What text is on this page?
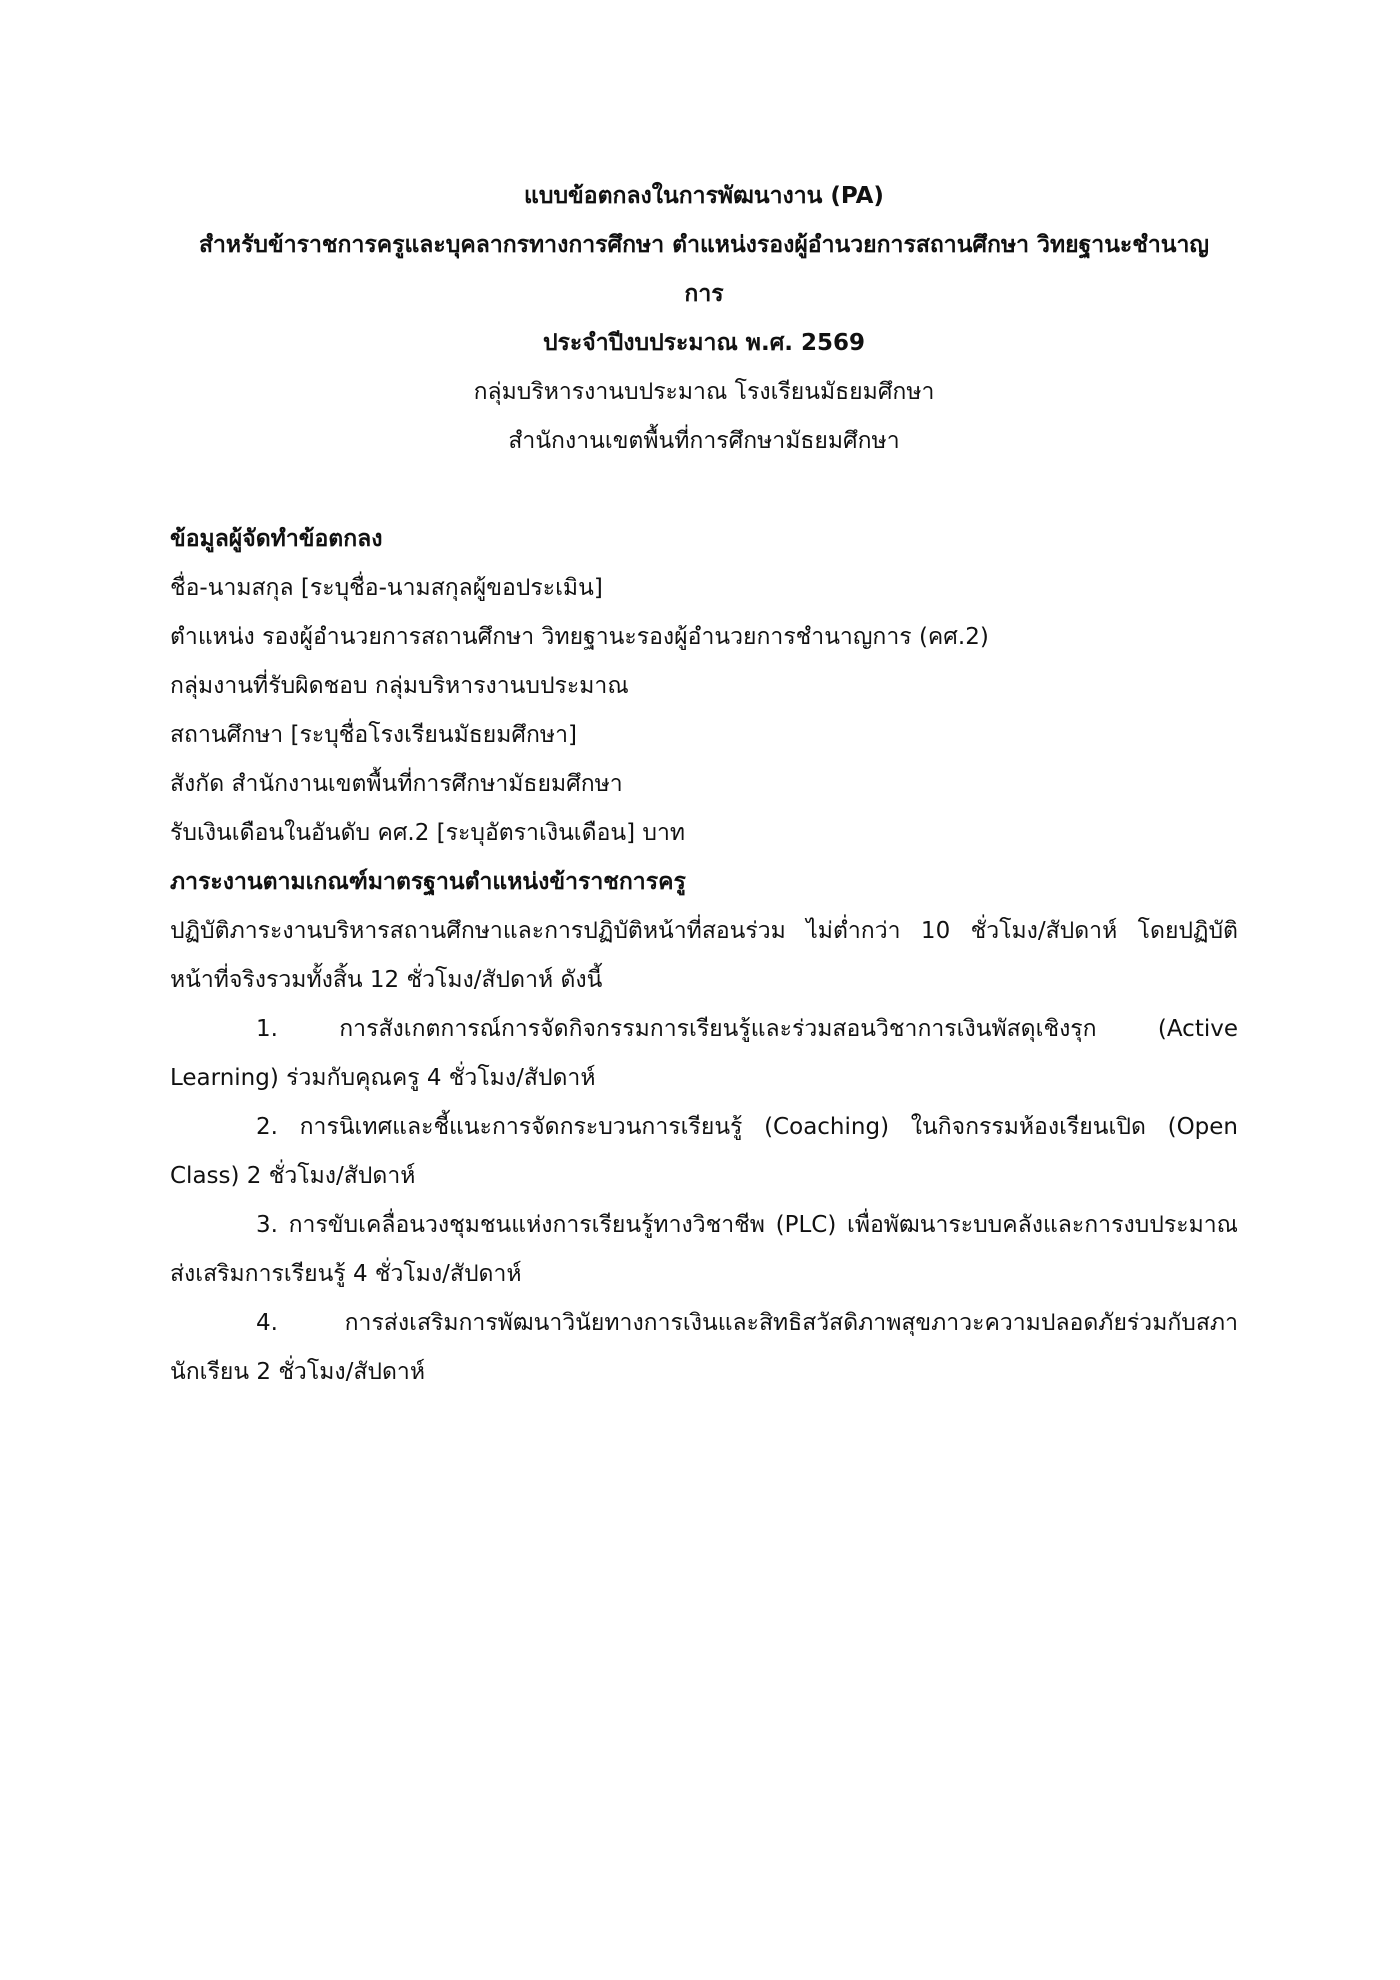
แบบข้อตกลงในการพัฒนางาน (PA)
สำหรับข้าราชการครูและบุคลากรทางการศึกษา ตำแหน่งรองผู้อำนวยการสถานศึกษา วิทยฐานะชำนาญ
การ
ประจำปีงบประมาณ พ.ศ. 2569
กลุ่มบริหารงานบประมาณ โรงเรียนมัธยมศึกษา
สำนักงานเขตพื้นที่การศึกษามัธยมศึกษา
ข้อมูลผู้จัดทำข้อตกลง
ชื่อ-นามสกุล [ระบุชื่อ-นามสกุลผู้ขอประเมิน]
ตำแหน่ง รองผู้อำนวยการสถานศึกษา วิทยฐานะรองผู้อำนวยการชำนาญการ (คศ.2)
กลุ่มงานที่รับผิดชอบ กลุ่มบริหารงานบประมาณ
สถานศึกษา [ระบุชื่อโรงเรียนมัธยมศึกษา]
สังกัด สำนักงานเขตพื้นที่การศึกษามัธยมศึกษา
รับเงินเดือนในอันดับ คศ.2 [ระบุอัตราเงินเดือน] บาท
ภาระงานตามเกณฑ์มาตรฐานตำแหน่งข้าราชการครู
ปฏิบัติภาระงานบริหารสถานศึกษาและการปฏิบัติหน้าที่สอนร่วม ไม่ต่ำกว่า 10 ชั่วโมง/สัปดาห์ โดยปฏิบัติหน้าที่จริงรวมทั้งสิ้น 12 ชั่วโมง/สัปดาห์ ดังนี้
1. การสังเกตการณ์การจัดกิจกรรมการเรียนรู้และร่วมสอนวิชาการเงินพัสดุเชิงรุก (Active Learning) ร่วมกับคุณครู 4 ชั่วโมง/สัปดาห์
2. การนิเทศและชี้แนะการจัดกระบวนการเรียนรู้ (Coaching) ในกิจกรรมห้องเรียนเปิด (Open Class) 2 ชั่วโมง/สัปดาห์
3. การขับเคลื่อนวงชุมชนแห่งการเรียนรู้ทางวิชาชีพ (PLC) เพื่อพัฒนาระบบคลังและการงบประมาณส่งเสริมการเรียนรู้ 4 ชั่วโมง/สัปดาห์
4. การส่งเสริมการพัฒนาวินัยทางการเงินและสิทธิสวัสดิภาพสุขภาวะความปลอดภัยร่วมกับสภานักเรียน 2 ชั่วโมง/สัปดาห์
